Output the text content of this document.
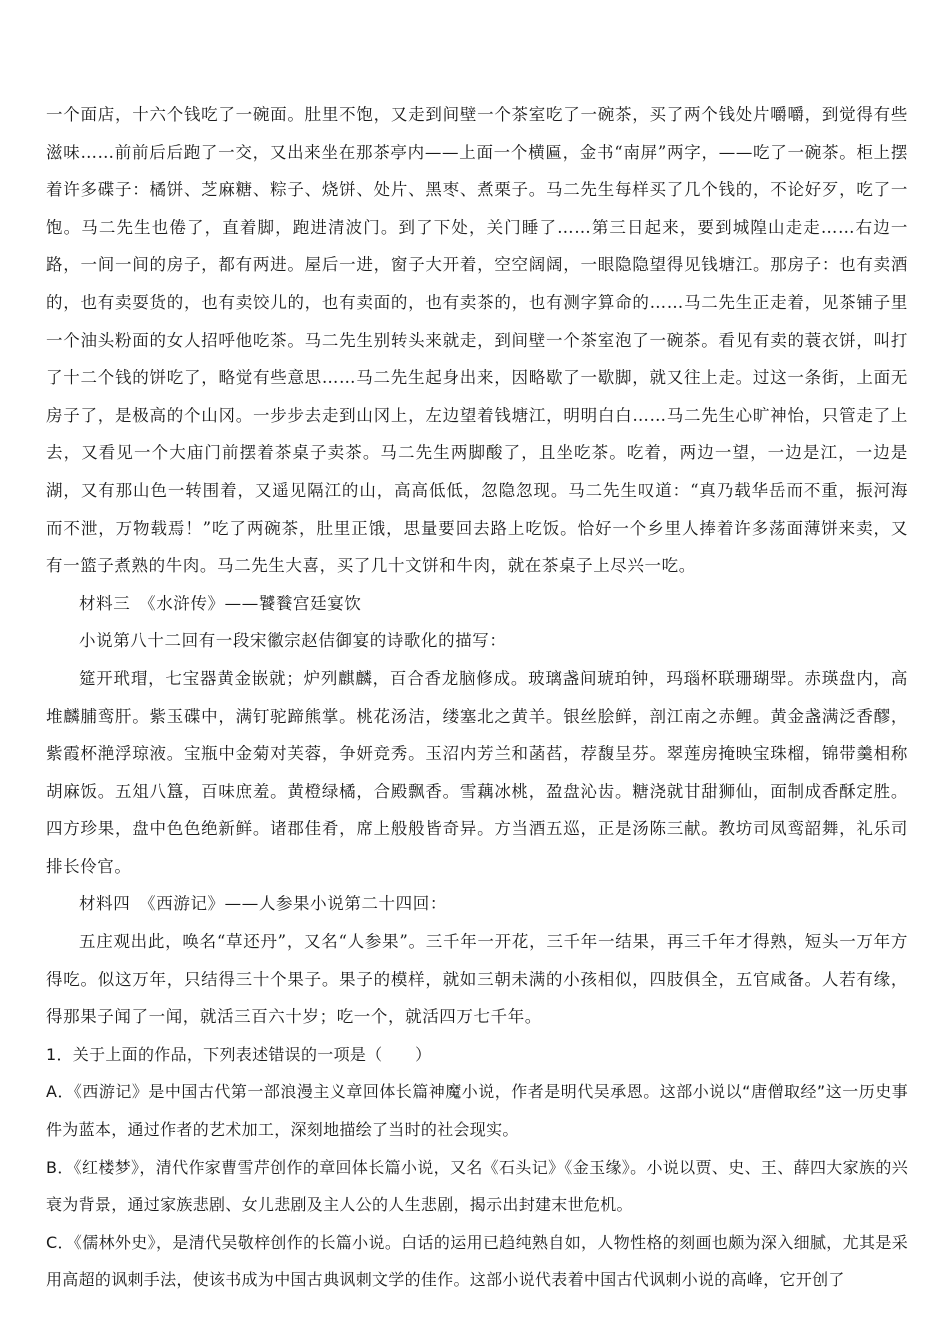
一个面店，十六个钱吃了一碗面。肚里不饱，又走到间壁一个茶室吃了一碗茶，买了两个钱处片嚼嚼，到觉得有些滋味……前前后后跑了一交，又出来坐在那茶亭内——上面一个横匾，金书“南屏”两字，——吃了一碗茶。柜上摆着许多碟子：橘饼、芝麻糖、粽子、烧饼、处片、黑枣、煮栗子。马二先生每样买了几个钱的，不论好歹，吃了一饱。马二先生也倦了，直着脚，跑进清波门。到了下处，关门睡了……第三日起来，要到城隍山走走……右边一路，一间一间的房子，都有两进。屋后一进，窗子大开着，空空阔阔，一眼隐隐望得见钱塘江。那房子：也有卖酒的，也有卖耍货的，也有卖饺儿的，也有卖面的，也有卖茶的，也有测字算命的……马二先生正走着，见茶铺子里一个油头粉面的女人招呼他吃茶。马二先生别转头来就走，到间壁一个茶室泡了一碗茶。看见有卖的蓑衣饼，叫打了十二个钱的饼吃了，略觉有些意思……马二先生起身出来，因略歇了一歇脚，就又往上走。过这一条街，上面无房子了，是极高的个山冈。一步步去走到山冈上，左边望着钱塘江，明明白白……马二先生心旷神怡，只管走了上去，又看见一个大庙门前摆着茶桌子卖茶。马二先生两脚酸了，且坐吃茶。吃着，两边一望，一边是江，一边是湖，又有那山色一转围着，又遥见隔江的山，高高低低，忽隐忽现。马二先生叹道：“真乃载华岳而不重，振河海而不泄，万物载焉！”吃了两碗茶，肚里正饿，思量要回去路上吃饭。恰好一个乡里人捧着许多荡面薄饼来卖，又有一篮子煮熟的牛肉。马二先生大喜，买了几十文饼和牛肉，就在茶桌子上尽兴一吃。

材料三　《水浒传》——饕餮宫廷宴饮

小说第八十二回有一段宋徽宗赵佶御宴的诗歌化的描写：

筵开玳瑁，七宝器黄金嵌就；炉列麒麟，百合香龙脑修成。玻璃盏间琥珀钟，玛瑙杯联珊瑚斝。赤瑛盘内，高堆麟脯鸾肝。紫玉碟中，满钉驼蹄熊掌。桃花汤洁，缕塞北之黄羊。银丝脍鲜，剖江南之赤鲤。黄金盏满泛香醪，紫霞杯滟浮琼液。宝瓶中金菊对芙蓉，争妍竞秀。玉沼内芳兰和菡萏，荐馥呈芬。翠莲房掩映宝珠榴，锦带羹相称胡麻饭。五俎八簋，百味庶羞。黄橙绿橘，合殿飘香。雪藕冰桃，盈盘沁齿。糖浇就甘甜狮仙，面制成香酥定胜。四方珍果，盘中色色绝新鲜。诸郡佳肴，席上般般皆奇异。方当酒五巡，正是汤陈三献。教坊司凤鸾韶舞，礼乐司排长伶官。

材料四　《西游记》——人参果小说第二十四回：

五庄观出此，唤名“草还丹”，又名“人参果”。三千年一开花，三千年一结果，再三千年才得熟，短头一万年方得吃。似这万年，只结得三十个果子。果子的模样，就如三朝未满的小孩相似，四肢俱全，五官咸备。人若有缘，得那果子闻了一闻，就活三百六十岁；吃一个，就活四万七千年。

1．关于上面的作品，下列表述错误的一项是（　　）

A．《西游记》是中国古代第一部浪漫主义章回体长篇神魔小说，作者是明代吴承恩。这部小说以“唐僧取经”这一历史事件为蓝本，通过作者的艺术加工，深刻地描绘了当时的社会现实。

B．《红楼梦》，清代作家曹雪芹创作的章回体长篇小说，又名《石头记》《金玉缘》。小说以贾、史、王、薛四大家族的兴衰为背景，通过家族悲剧、女儿悲剧及主人公的人生悲剧，揭示出封建末世危机。

C．《儒林外史》，是清代吴敬梓创作的长篇小说。白话的运用已趋纯熟自如，人物性格的刻画也颇为深入细腻，尤其是采用高超的讽刺手法，使该书成为中国古典讽刺文学的佳作。这部小说代表着中国古代讽刺小说的高峰，它开创了
